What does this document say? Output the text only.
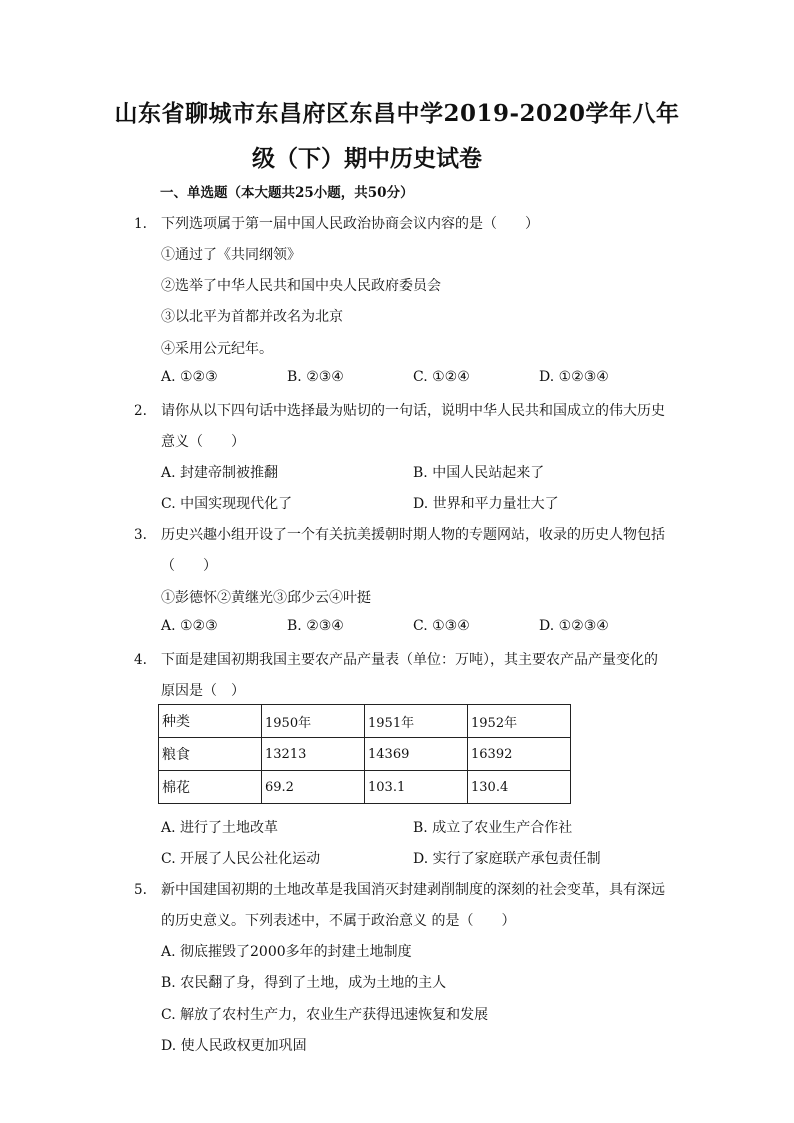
山东省聊城市东昌府区东昌中学2019-2020学年八年
级（下）期中历史试卷
一、单选题（本大题共25小题，共50分）
1. 下列选项属于第一届中国人民政治协商会议内容的是（　　）
①通过了《共同纲领》
②选举了中华人民共和国中央人民政府委员会
③以北平为首都并改名为北京
④采用公元纪年。
A. ①②③	B. ②③④	C. ①②④	D. ①②③④
2. 请你从以下四句话中选择最为贴切的一句话，说明中华人民共和国成立的伟大历史
意义（　　）
A. 封建帝制被推翻	B. 中国人民站起来了
C. 中国实现现代化了	D. 世界和平力量壮大了
3. 历史兴趣小组开设了一个有关抗美援朝时期人物的专题网站，收录的历史人物包括
（　　）
①彭德怀②黄继光③邱少云④叶挺
A. ①②③	B. ②③④	C. ①③④	D. ①②③④
4. 下面是建国初期我国主要农产品产量表（单位：万吨），其主要农产品产量变化的
原因是（　）
种类	1950年	1951年	1952年
粮食	13213	14369	16392
棉花	69.2	103.1	130.4
A. 进行了土地改革	B. 成立了农业生产合作社
C. 开展了人民公社化运动	D. 实行了家庭联产承包责任制
5. 新中国建国初期的土地改革是我国消灭封建剥削制度的深刻的社会变革，具有深远
的历史意义。下列表述中，不属于政治意义 的是（　　）
A. 彻底摧毁了2000多年的封建土地制度
B. 农民翻了身，得到了土地，成为土地的主人
C. 解放了农村生产力，农业生产获得迅速恢复和发展
D. 使人民政权更加巩固
